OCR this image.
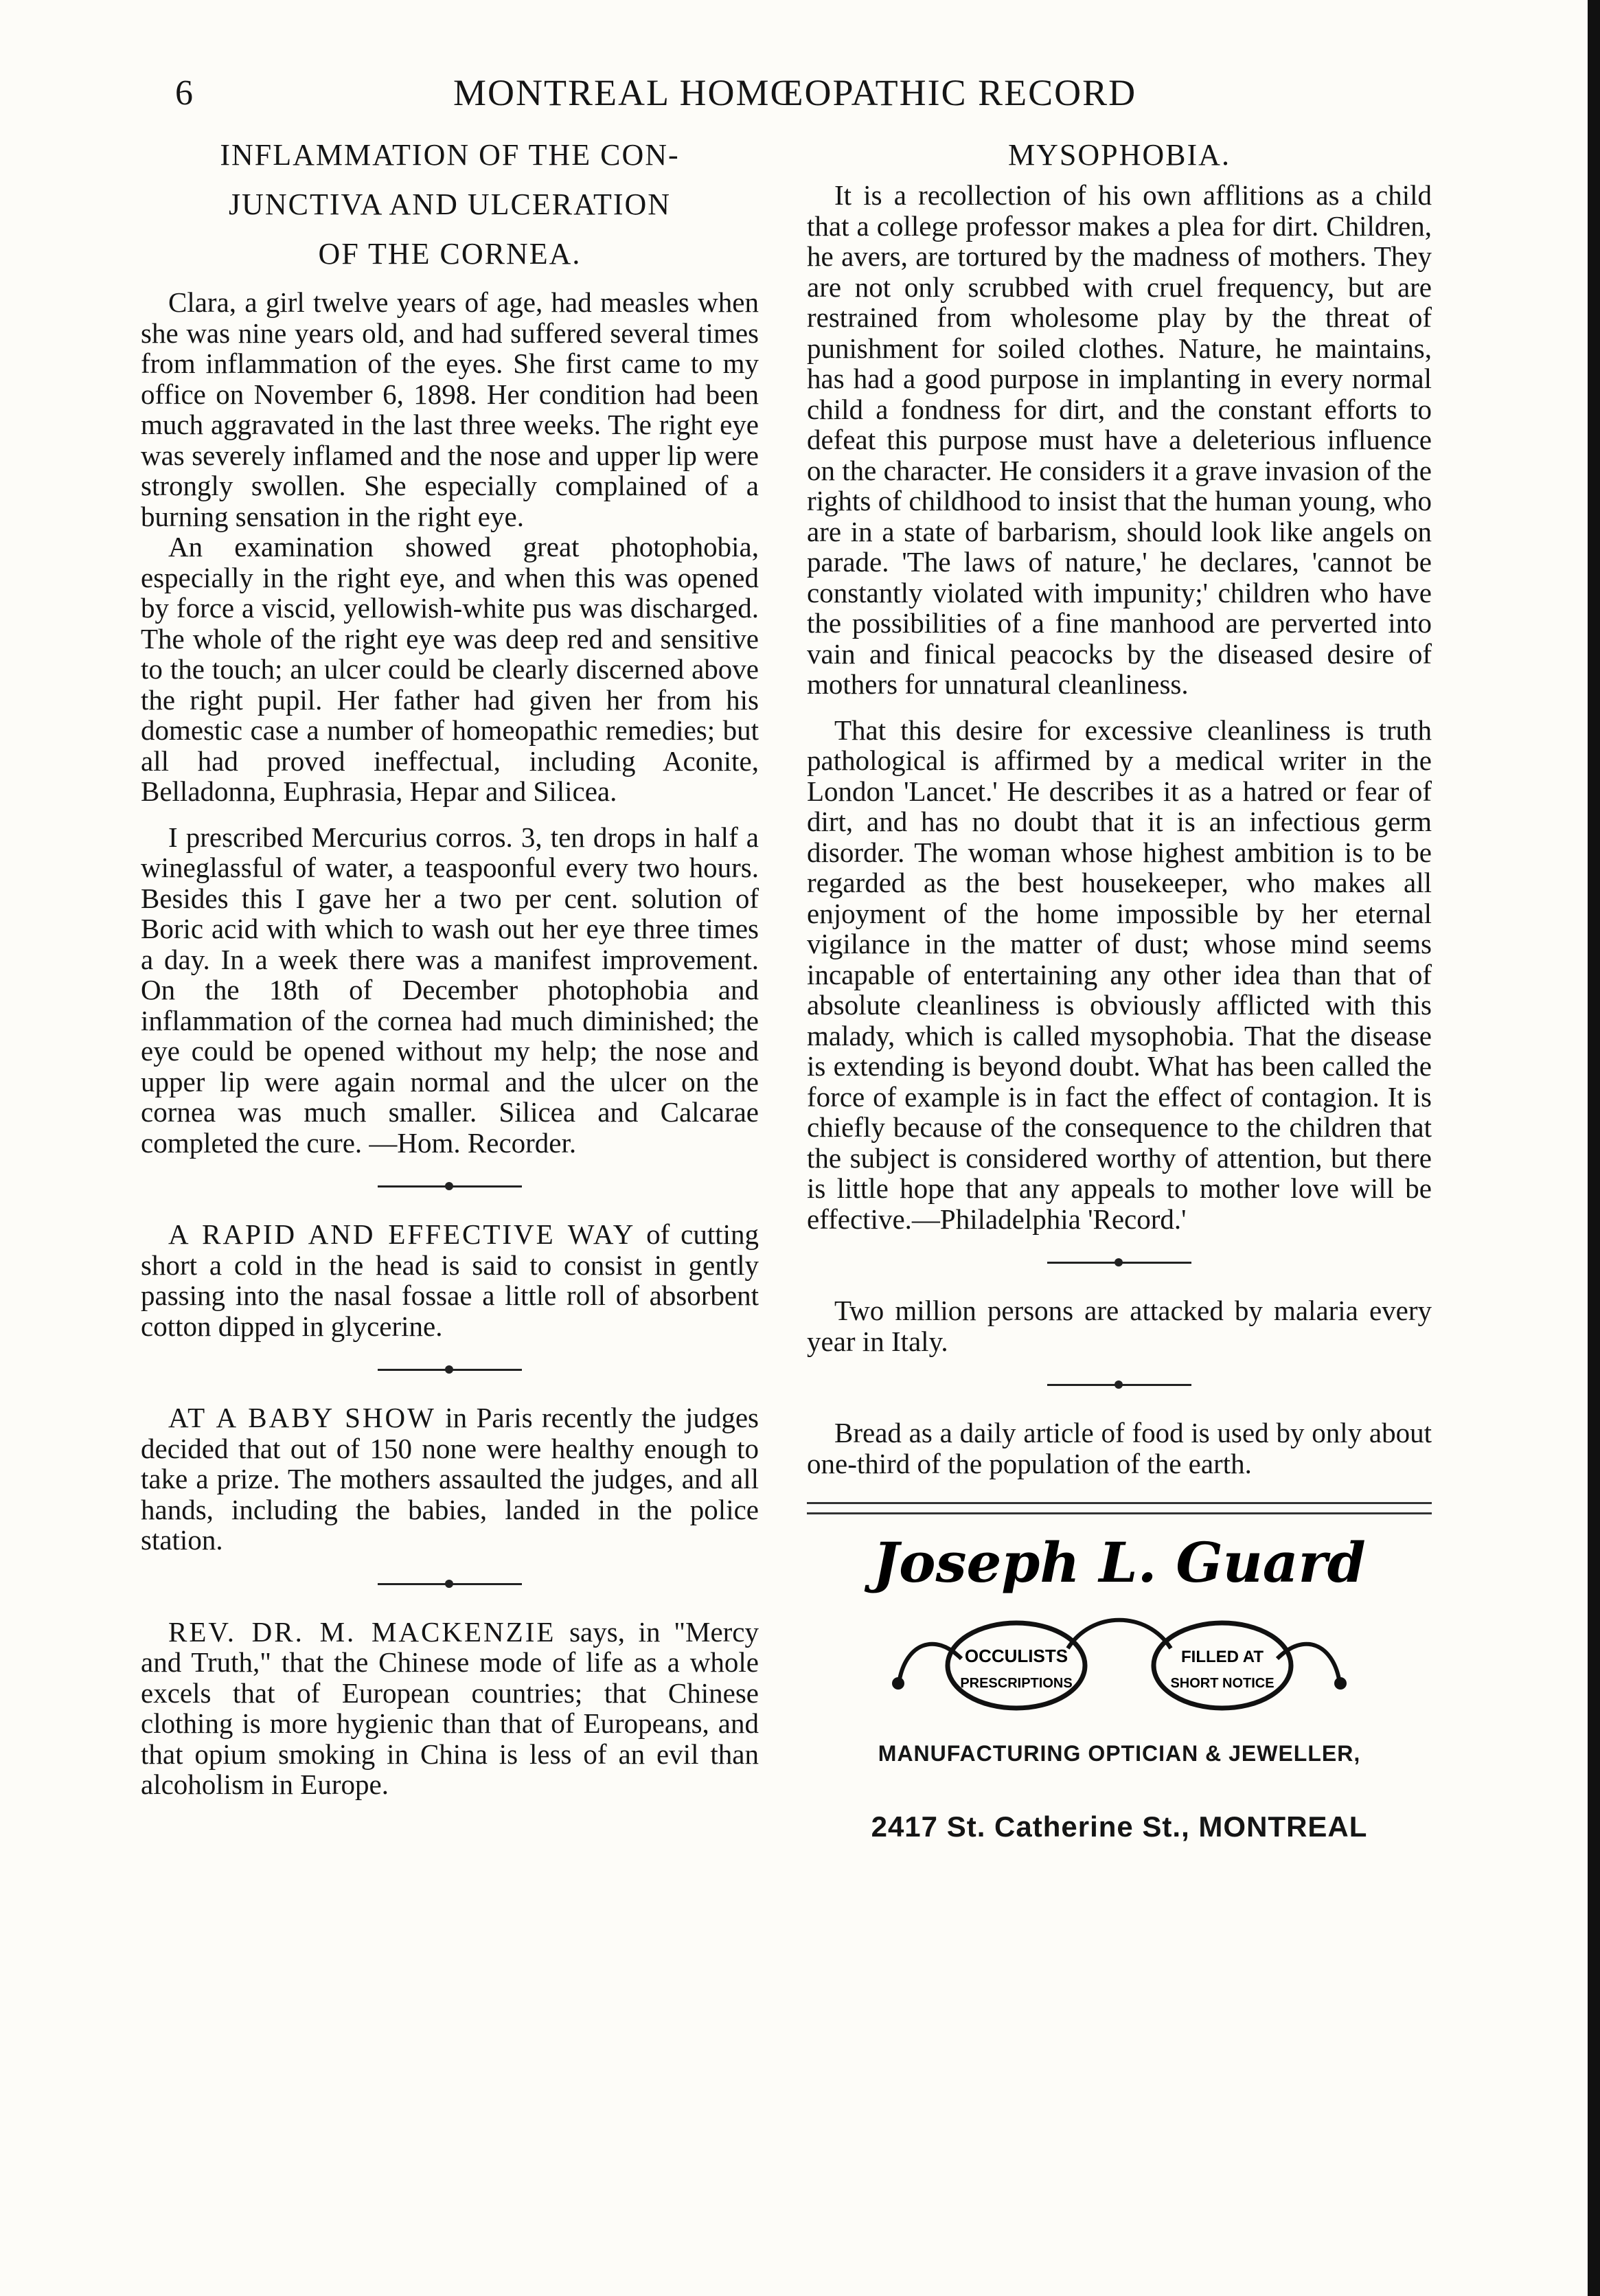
6	MONTREAL HOMŒOPATHIC RECORD
INFLAMMATION OF THE CON-
JUNCTIVA AND ULCERATION
OF THE CORNEA.

Clara, a girl twelve years of age, had measles when she was nine years old, and had suffered several times from inflammation of the eyes. She first came to my office on November 6, 1898. Her condition had been much aggravated in the last three weeks. The right eye was severely inflamed and the nose and upper lip were strongly swollen. She especially complained of a burning sensation in the right eye.

An examination showed great photophobia, especially in the right eye, and when this was opened by force a viscid, yellowish-white pus was discharged. The whole of the right eye was deep red and sensitive to the touch; an ulcer could be clearly discerned above the right pupil. Her father had given her from his domestic case a number of homeopathic remedies; but all had proved ineffectual, including Aconite, Belladonna, Euphrasia, Hepar and Silicea.

I prescribed Mercurius corros. 3, ten drops in half a wineglassful of water, a teaspoonful every two hours. Besides this I gave her a two per cent. solution of Boric acid with which to wash out her eye three times a day. In a week there was a manifest improvement. On the 18th of December photophobia and inflammation of the cornea had much diminished; the eye could be opened without my help; the nose and upper lip were again normal and the ulcer on the cornea was much smaller. Silicea and Calcarae completed the cure. —Hom. Recorder.

A RAPID AND EFFECTIVE WAY of cutting short a cold in the head is said to consist in gently passing into the nasal fossae a little roll of absorbent cotton dipped in glycerine.

AT A BABY SHOW in Paris recently the judges decided that out of 150 none were healthy enough to take a prize. The mothers assaulted the judges, and all hands, including the babies, landed in the police station.

REV. DR. M. MACKENZIE says, in "Mercy and Truth," that the Chinese mode of life as a whole excels that of European countries; that Chinese clothing is more hygienic than that of Europeans, and that opium smoking in China is less of an evil than alcoholism in Europe.

MYSOPHOBIA.

It is a recollection of his own afflitions as a child that a college professor makes a plea for dirt. Children, he avers, are tortured by the madness of mothers. They are not only scrubbed with cruel frequency, but are restrained from wholesome play by the threat of punishment for soiled clothes. Nature, he maintains, has had a good purpose in implanting in every normal child a fondness for dirt, and the constant efforts to defeat this purpose must have a deleterious influence on the character. He considers it a grave invasion of the rights of childhood to insist that the human young, who are in a state of barbarism, should look like angels on parade. 'The laws of nature,' he declares, 'cannot be constantly violated with impunity;' children who have the possibilities of a fine manhood are perverted into vain and finical peacocks by the diseased desire of mothers for unnatural cleanliness.

That this desire for excessive cleanliness is truth pathological is affirmed by a medical writer in the London 'Lancet.' He describes it as a hatred or fear of dirt, and has no doubt that it is an infectious germ disorder. The woman whose highest ambition is to be regarded as the best housekeeper, who makes all enjoyment of the home impossible by her eternal vigilance in the matter of dust; whose mind seems incapable of entertaining any other idea than that of absolute cleanliness is obviously afflicted with this malady, which is called mysophobia. That the disease is extending is beyond doubt. What has been called the force of example is in fact the effect of contagion. It is chiefly because of the consequence to the children that the subject is considered worthy of attention, but there is little hope that any appeals to mother love will be effective.—Philadelphia 'Record.'

Two million persons are attacked by malaria every year in Italy.

Bread as a daily article of food is used by only about one-third of the population of the earth.

Joseph L. Guard
OCCULISTS
PRESCRIPTIONS
FILLED AT
SHORT NOTICE
MANUFACTURING OPTICIAN & JEWELLER,
2417 St. Catherine St., MONTREAL
